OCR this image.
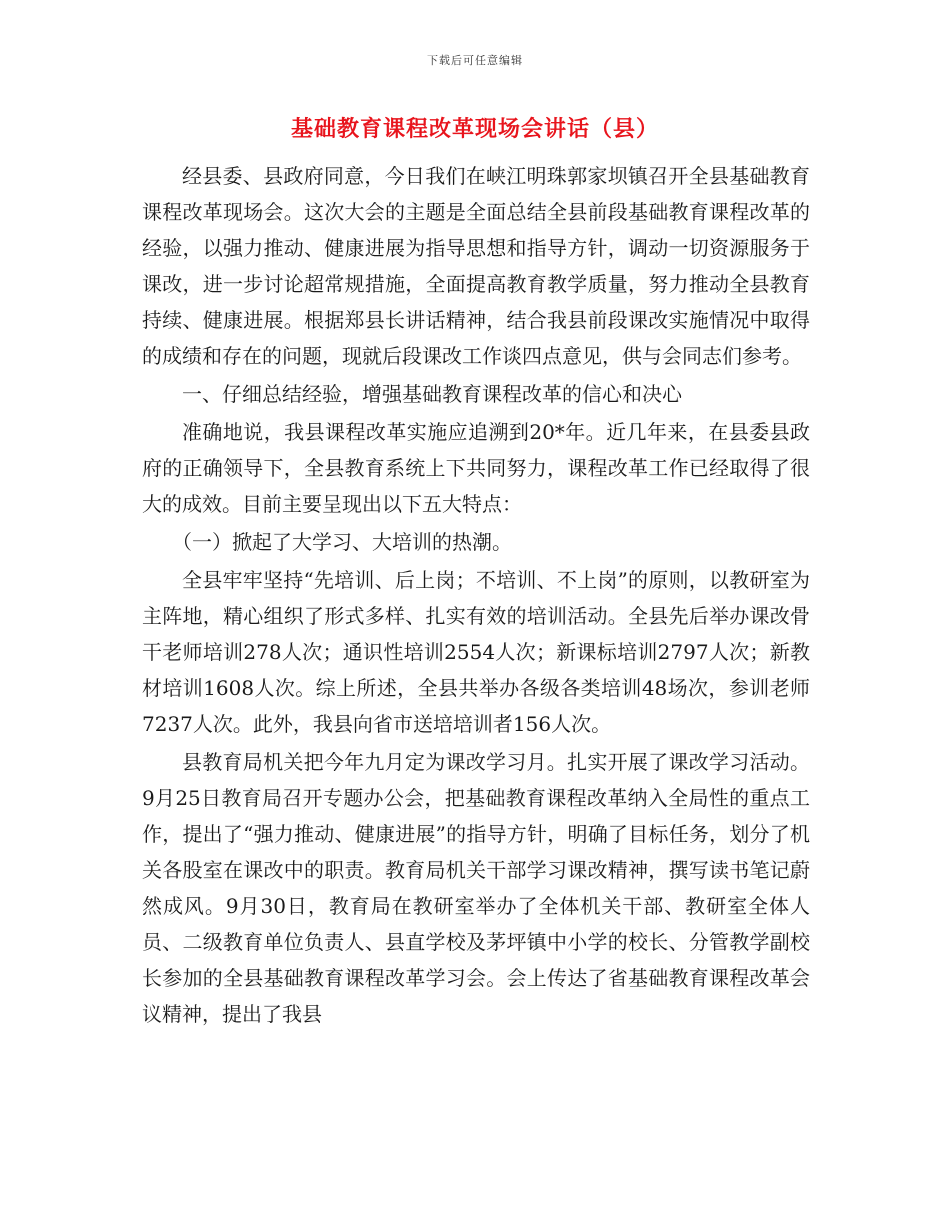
下载后可任意编辑
基础教育课程改革现场会讲话（县）

经县委、县政府同意，今日我们在峡江明珠郭家坝镇召开全县基础教育课程改革现场会。这次大会的主题是全面总结全县前段基础教育课程改革的经验，以强力推动、健康进展为指导思想和指导方针，调动一切资源服务于课改，进一步讨论超常规措施，全面提高教育教学质量，努力推动全县教育持续、健康进展。根据郑县长讲话精神，结合我县前段课改实施情况中取得的成绩和存在的问题，现就后段课改工作谈四点意见，供与会同志们参考。

一、仔细总结经验，增强基础教育课程改革的信心和决心

准确地说，我县课程改革实施应追溯到20*年。近几年来，在县委县政府的正确领导下，全县教育系统上下共同努力，课程改革工作已经取得了很大的成效。目前主要呈现出以下五大特点：

（一）掀起了大学习、大培训的热潮。

全县牢牢坚持“先培训、后上岗；不培训、不上岗”的原则，以教研室为主阵地，精心组织了形式多样、扎实有效的培训活动。全县先后举办课改骨干老师培训278人次；通识性培训2554人次；新课标培训2797人次；新教材培训1608人次。综上所述，全县共举办各级各类培训48场次，参训老师7237人次。此外，我县向省市送培培训者156人次。

县教育局机关把今年九月定为课改学习月。扎实开展了课改学习活动。9月25日教育局召开专题办公会，把基础教育课程改革纳入全局性的重点工作，提出了“强力推动、健康进展”的指导方针，明确了目标任务，划分了机关各股室在课改中的职责。教育局机关干部学习课改精神，撰写读书笔记蔚然成风。9月30日，教育局在教研室举办了全体机关干部、教研室全体人员、二级教育单位负责人、县直学校及茅坪镇中小学的校长、分管教学副校长参加的全县基础教育课程改革学习会。会上传达了省基础教育课程改革会议精神，提出了我县
